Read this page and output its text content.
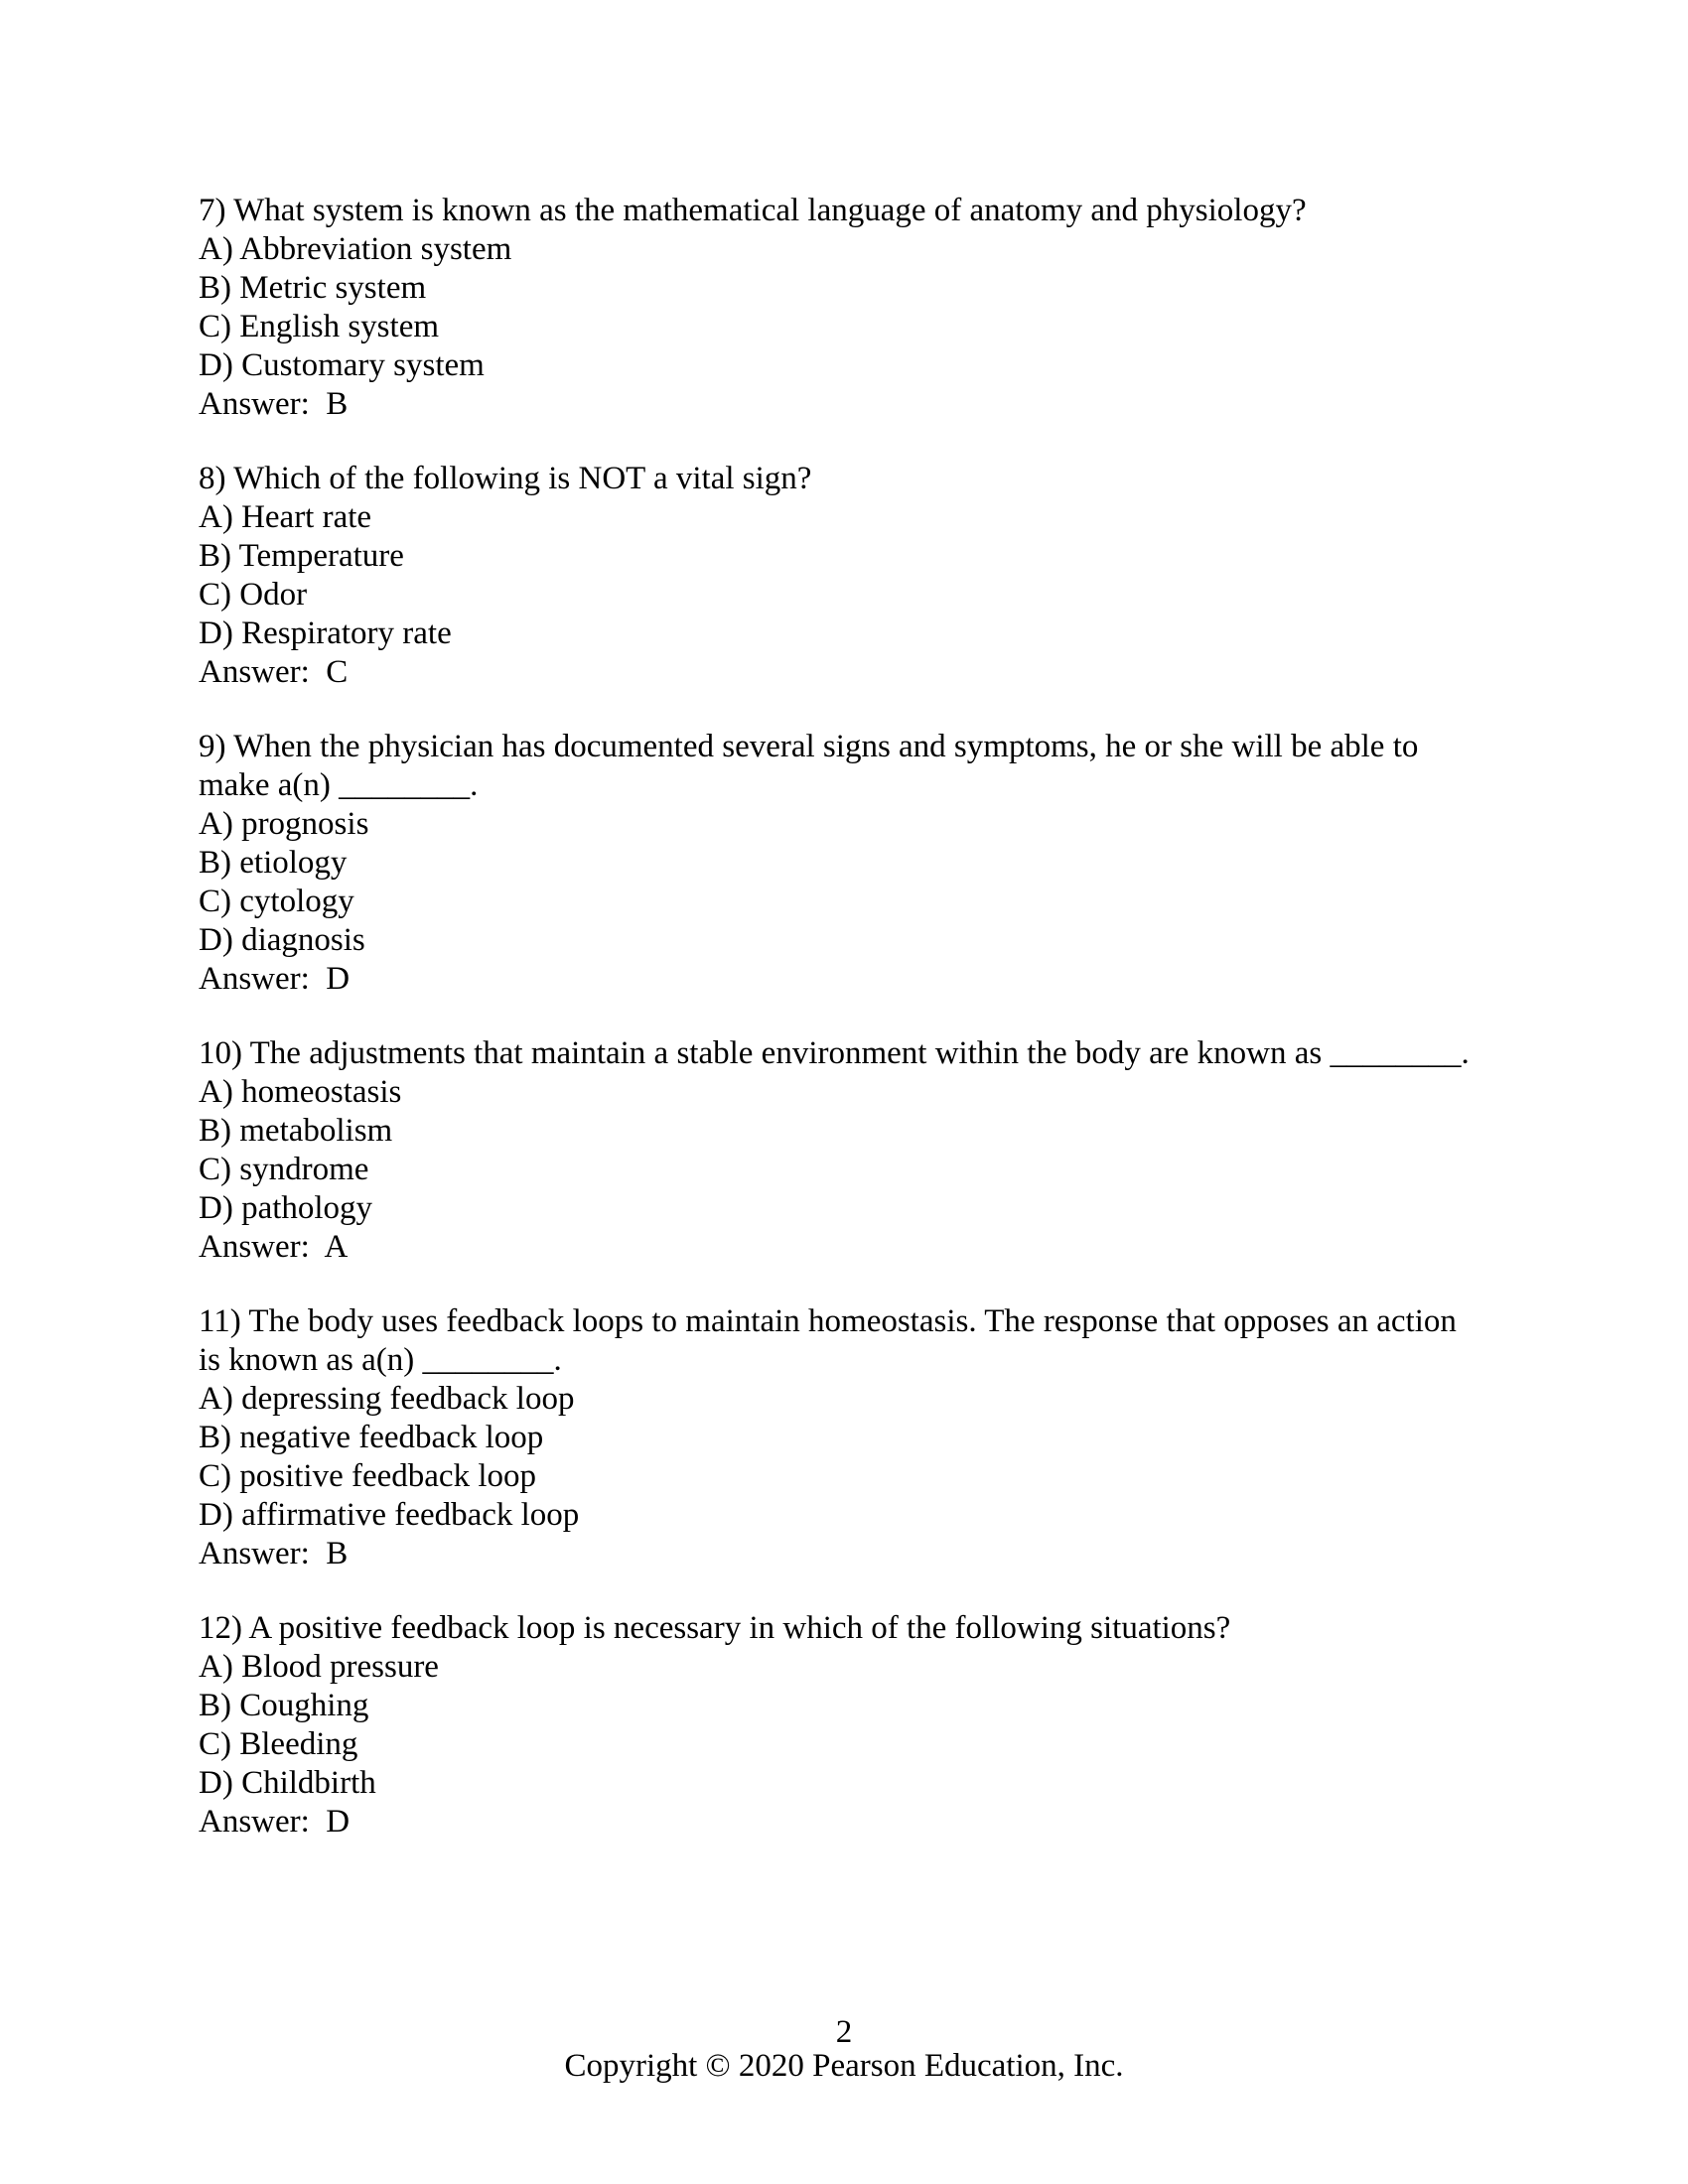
7) What system is known as the mathematical language of anatomy and physiology?
A) Abbreviation system
B) Metric system
C) English system
D) Customary system
Answer:  B
8) Which of the following is NOT a vital sign?
A) Heart rate
B) Temperature
C) Odor
D) Respiratory rate
Answer:  C
9) When the physician has documented several signs and symptoms, he or she will be able to
make a(n) ________.
A) prognosis
B) etiology
C) cytology
D) diagnosis
Answer:  D
10) The adjustments that maintain a stable environment within the body are known as ________.
A) homeostasis
B) metabolism
C) syndrome
D) pathology
Answer:  A
11) The body uses feedback loops to maintain homeostasis. The response that opposes an action
is known as a(n) ________.
A) depressing feedback loop
B) negative feedback loop
C) positive feedback loop
D) affirmative feedback loop
Answer:  B
12) A positive feedback loop is necessary in which of the following situations?
A) Blood pressure
B) Coughing
C) Bleeding
D) Childbirth
Answer:  D
2
Copyright © 2020 Pearson Education, Inc.
